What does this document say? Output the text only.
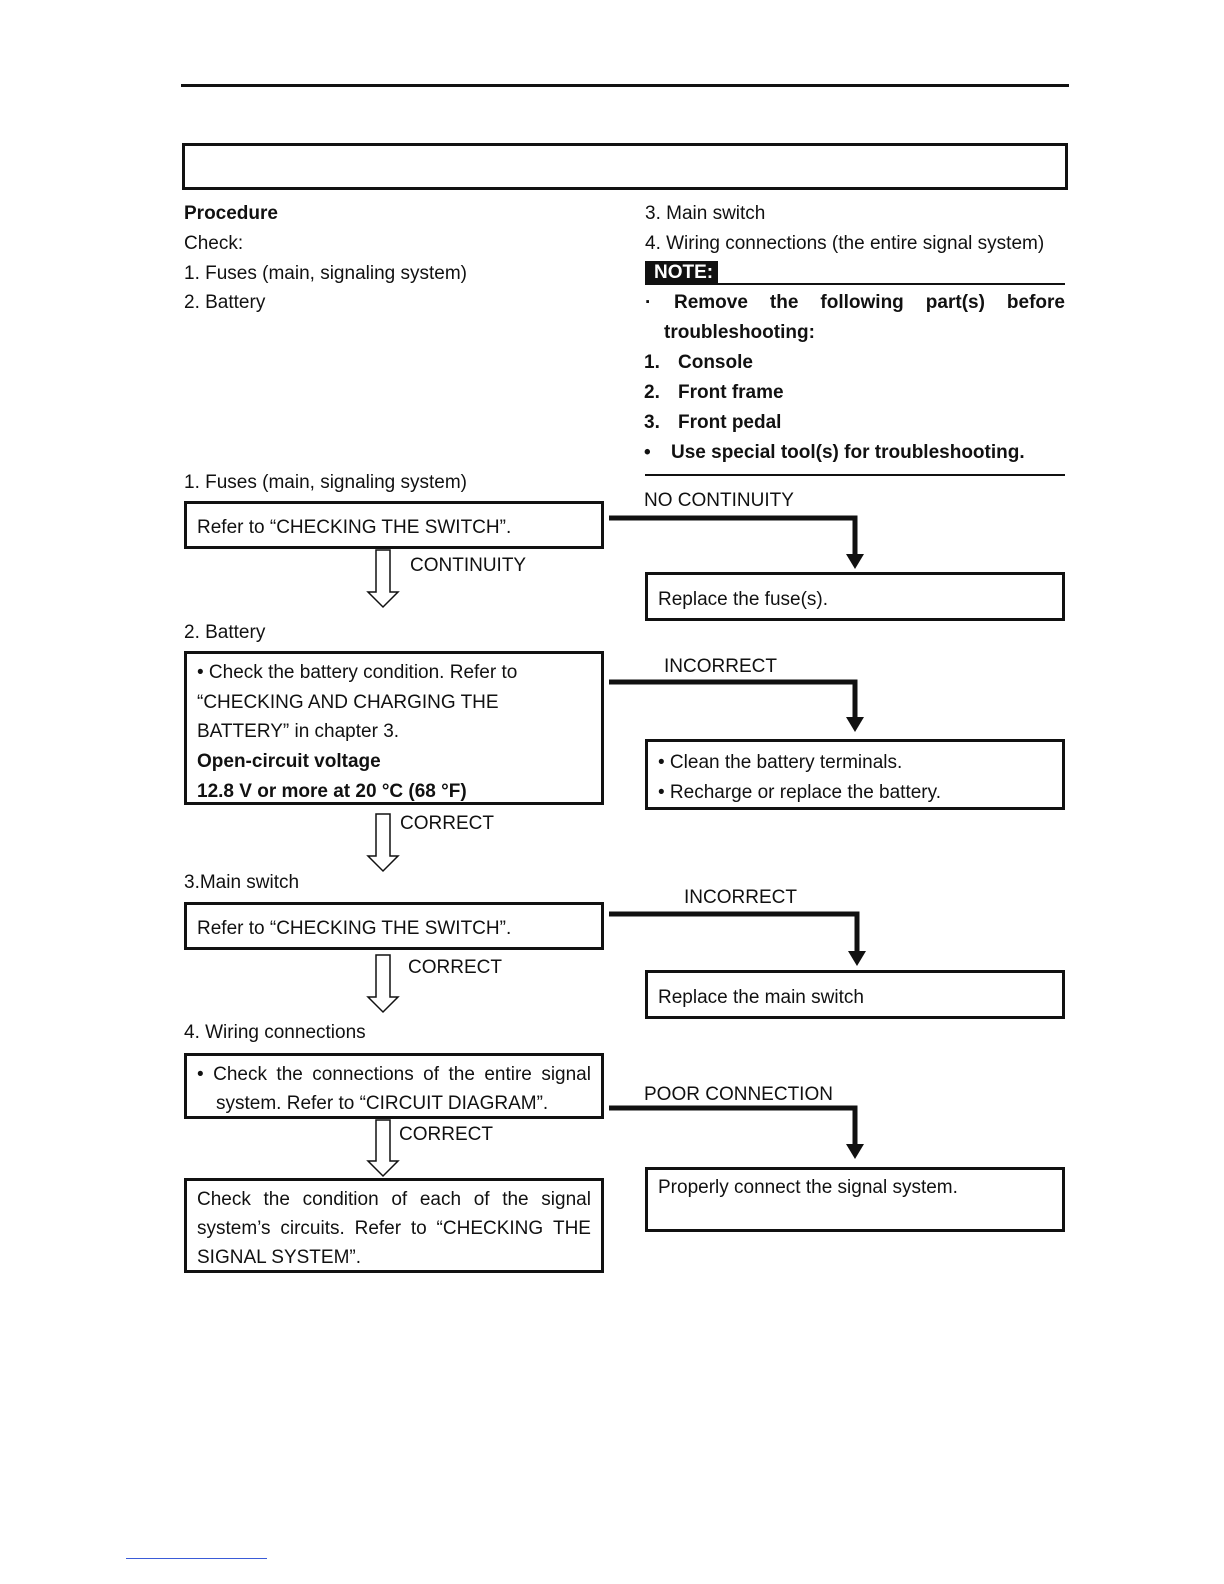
Procedure
Check:
1. Fuses (main, signaling system)
2. Battery
3. Main switch
4. Wiring connections (the entire signal system)
NOTE:
· Remove the following part(s) before
troubleshooting:
1. Console
2. Front frame
3. Front pedal
• Use special tool(s) for troubleshooting.
1. Fuses (main, signaling system)
Refer to “CHECKING THE SWITCH”.
NO CONTINUITY
CONTINUITY
Replace the fuse(s).
2. Battery
• Check the battery condition. Refer to
“CHECKING AND CHARGING THE
BATTERY” in chapter 3.
Open-circuit voltage
12.8 V or more at 20 °C (68 °F)
INCORRECT
• Clean the battery terminals.
• Recharge or replace the battery.
CORRECT
3.Main switch
Refer to “CHECKING THE SWITCH”.
INCORRECT
CORRECT
Replace the main switch
4. Wiring connections
• Check the connections of the entire signal
system. Refer to “CIRCUIT DIAGRAM”.	POOR CONNECTION
CORRECT
Properly connect the signal system.
Check the condition of each of the signal
system’s circuits. Refer to “CHECKING THE
SIGNAL SYSTEM”.
